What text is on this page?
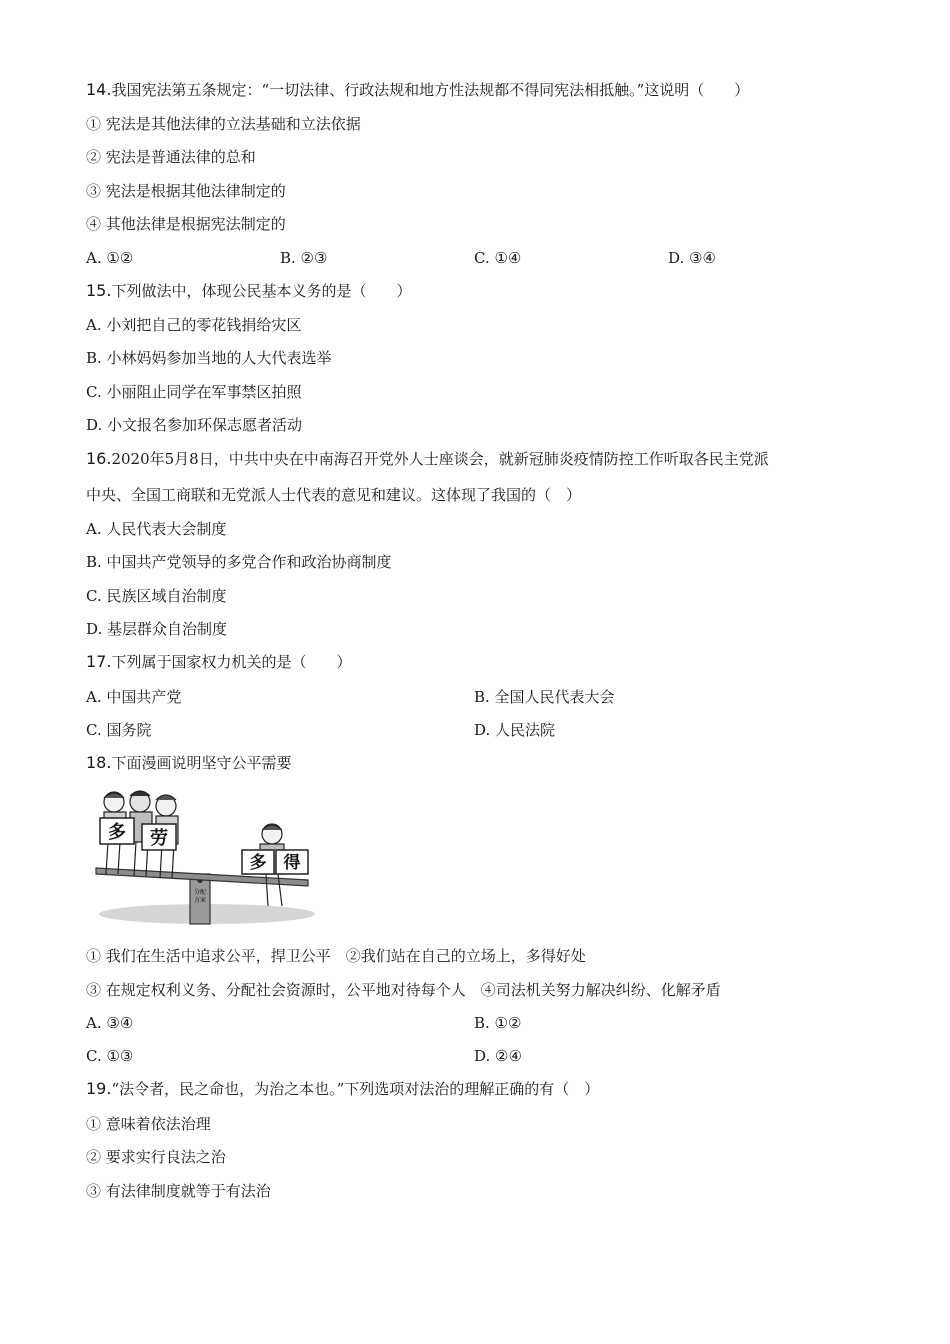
14.我国宪法第五条规定：“一切法律、行政法规和地方性法规都不得同宪法相抵触。”这说明（　　）
① 宪法是其他法律的立法基础和立法依据
② 宪法是普通法律的总和
③ 宪法是根据其他法律制定的
④ 其他法律是根据宪法制定的
A. ①②	B. ②③	C. ①④	D. ③④
15.下列做法中，体现公民基本义务的是（　　）
A. 小刘把自己的零花钱捐给灾区
B. 小林妈妈参加当地的人大代表选举
C. 小丽阻止同学在军事禁区拍照
D. 小文报名参加环保志愿者活动
16.2020年5月8日，中共中央在中南海召开党外人士座谈会，就新冠肺炎疫情防控工作听取各民主党派
中央、全国工商联和无党派人士代表的意见和建议。这体现了我国的（　）
A. 人民代表大会制度
B. 中国共产党领导的多党合作和政治协商制度
C. 民族区域自治制度
D. 基层群众自治制度
17.下列属于国家权力机关的是（　　）
A. 中国共产党	B. 全国人民代表大会
C. 国务院	D. 人民法院
18.下面漫画说明坚守公平需要
分配
方案
多 劳
多 得
① 我们在生活中追求公平，捍卫公平　②我们站在自己的立场上，多得好处
③ 在规定权利义务、分配社会资源时，公平地对待每个人　④司法机关努力解决纠纷、化解矛盾
A. ③④	B. ①②
C. ①③	D. ②④
19.“法令者，民之命也，为治之本也。”下列选项对法治的理解正确的有（　）
① 意味着依法治理
② 要求实行良法之治
③ 有法律制度就等于有法治
